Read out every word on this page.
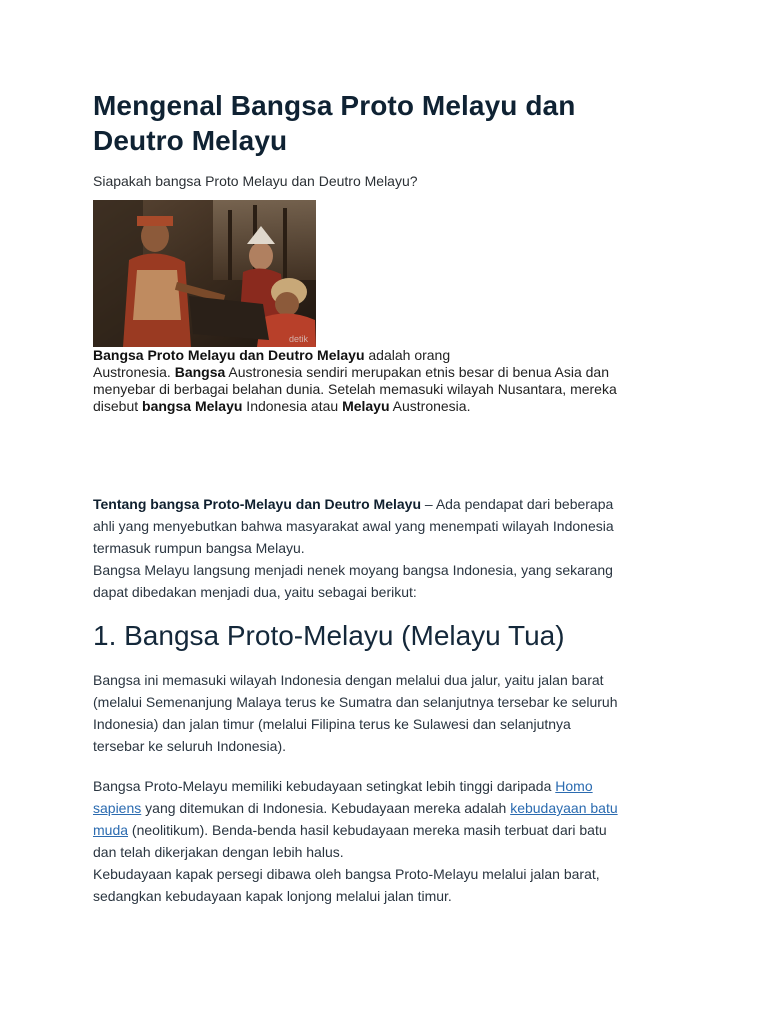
Mengenal Bangsa Proto Melayu dan
Deutro Melayu

Siapakah bangsa Proto Melayu dan Deutro Melayu?

detik

Bangsa Proto Melayu dan Deutro Melayu adalah orang
Austronesia. Bangsa Austronesia sendiri merupakan etnis besar di benua Asia dan
menyebar di berbagai belahan dunia. Setelah memasuki wilayah Nusantara, mereka
disebut bangsa Melayu Indonesia atau Melayu Austronesia.

Tentang bangsa Proto-Melayu dan Deutro Melayu – Ada pendapat dari beberapa
ahli yang menyebutkan bahwa masyarakat awal yang menempati wilayah Indonesia
termasuk rumpun bangsa Melayu.
Bangsa Melayu langsung menjadi nenek moyang bangsa Indonesia, yang sekarang
dapat dibedakan menjadi dua, yaitu sebagai berikut:

1. Bangsa Proto-Melayu (Melayu Tua)

Bangsa ini memasuki wilayah Indonesia dengan melalui dua jalur, yaitu jalan barat
(melalui Semenanjung Malaya terus ke Sumatra dan selanjutnya tersebar ke seluruh
Indonesia) dan jalan timur (melalui Filipina terus ke Sulawesi dan selanjutnya
tersebar ke seluruh Indonesia).

Bangsa Proto-Melayu memiliki kebudayaan setingkat lebih tinggi daripada Homo
sapiens yang ditemukan di Indonesia. Kebudayaan mereka adalah kebudayaan batu
muda (neolitikum). Benda-benda hasil kebudayaan mereka masih terbuat dari batu
dan telah dikerjakan dengan lebih halus.
Kebudayaan kapak persegi dibawa oleh bangsa Proto-Melayu melalui jalan barat,
sedangkan kebudayaan kapak lonjong melalui jalan timur.
